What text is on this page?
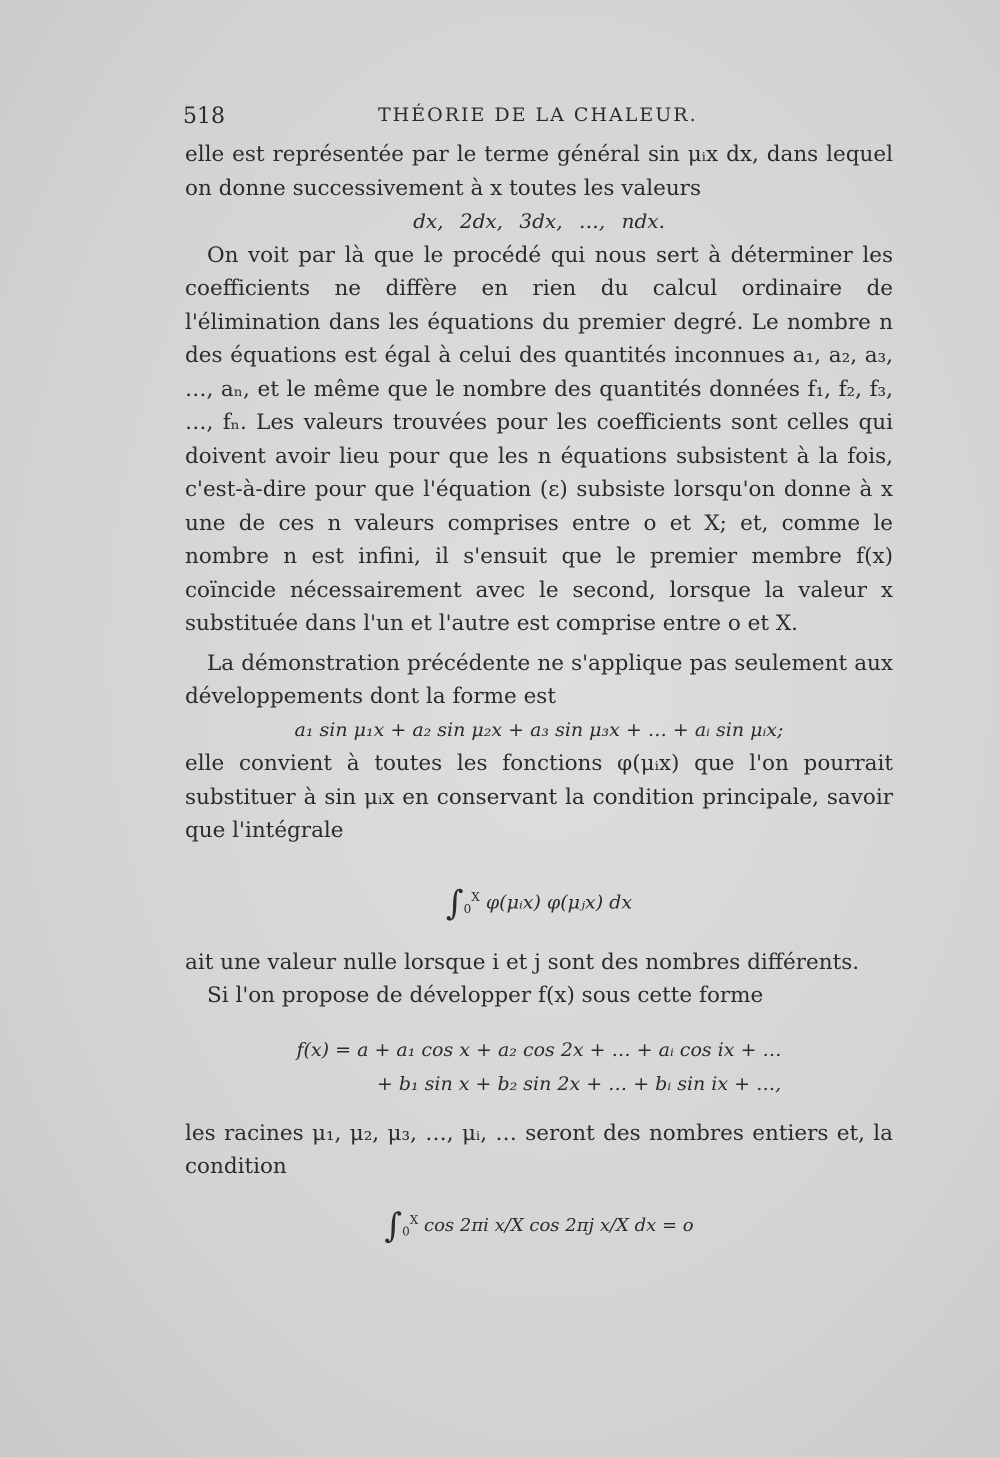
518	THÉORIE DE LA CHALEUR.

elle est représentée par le terme général sin μᵢx dx, dans lequel on donne successivement à x toutes les valeurs

dx, 2dx, 3dx, …, ndx.

On voit par là que le procédé qui nous sert à déterminer les coefficients ne diffère en rien du calcul ordinaire de l'élimination dans les équations du premier degré. Le nombre n des équations est égal à celui des quantités inconnues a₁, a₂, a₃, …, aₙ, et le même que le nombre des quantités données f₁, f₂, f₃, …, fₙ. Les valeurs trouvées pour les coefficients sont celles qui doivent avoir lieu pour que les n équations subsistent à la fois, c'est-à-dire pour que l'équation (ε) subsiste lorsqu'on donne à x une de ces n valeurs comprises entre o et X; et, comme le nombre n est infini, il s'ensuit que le premier membre f(x) coïncide nécessairement avec le second, lorsque la valeur x substituée dans l'un et l'autre est comprise entre o et X.

La démonstration précédente ne s'applique pas seulement aux développements dont la forme est

a₁ sin μ₁x + a₂ sin μ₂x + a₃ sin μ₃x + … + aᵢ sin μᵢx;

elle convient à toutes les fonctions φ(μᵢx) que l'on pourrait substituer à sin μᵢx en conservant la condition principale, savoir que l'intégrale

$\int_0^X$ φ(μᵢx) φ(μⱼx) dx

ait une valeur nulle lorsque i et j sont des nombres différents.

Si l'on propose de développer f(x) sous cette forme

f(x) = a + a₁ cos x + a₂ cos 2x + … + aᵢ cos ix + …
+ b₁ sin x + b₂ sin 2x + … + bᵢ sin ix + …,

les racines μ₁, μ₂, μ₃, …, μᵢ, … seront des nombres entiers et, la condition

$\int_0^X$ cos 2πi x/X cos 2πj x/X dx = o
